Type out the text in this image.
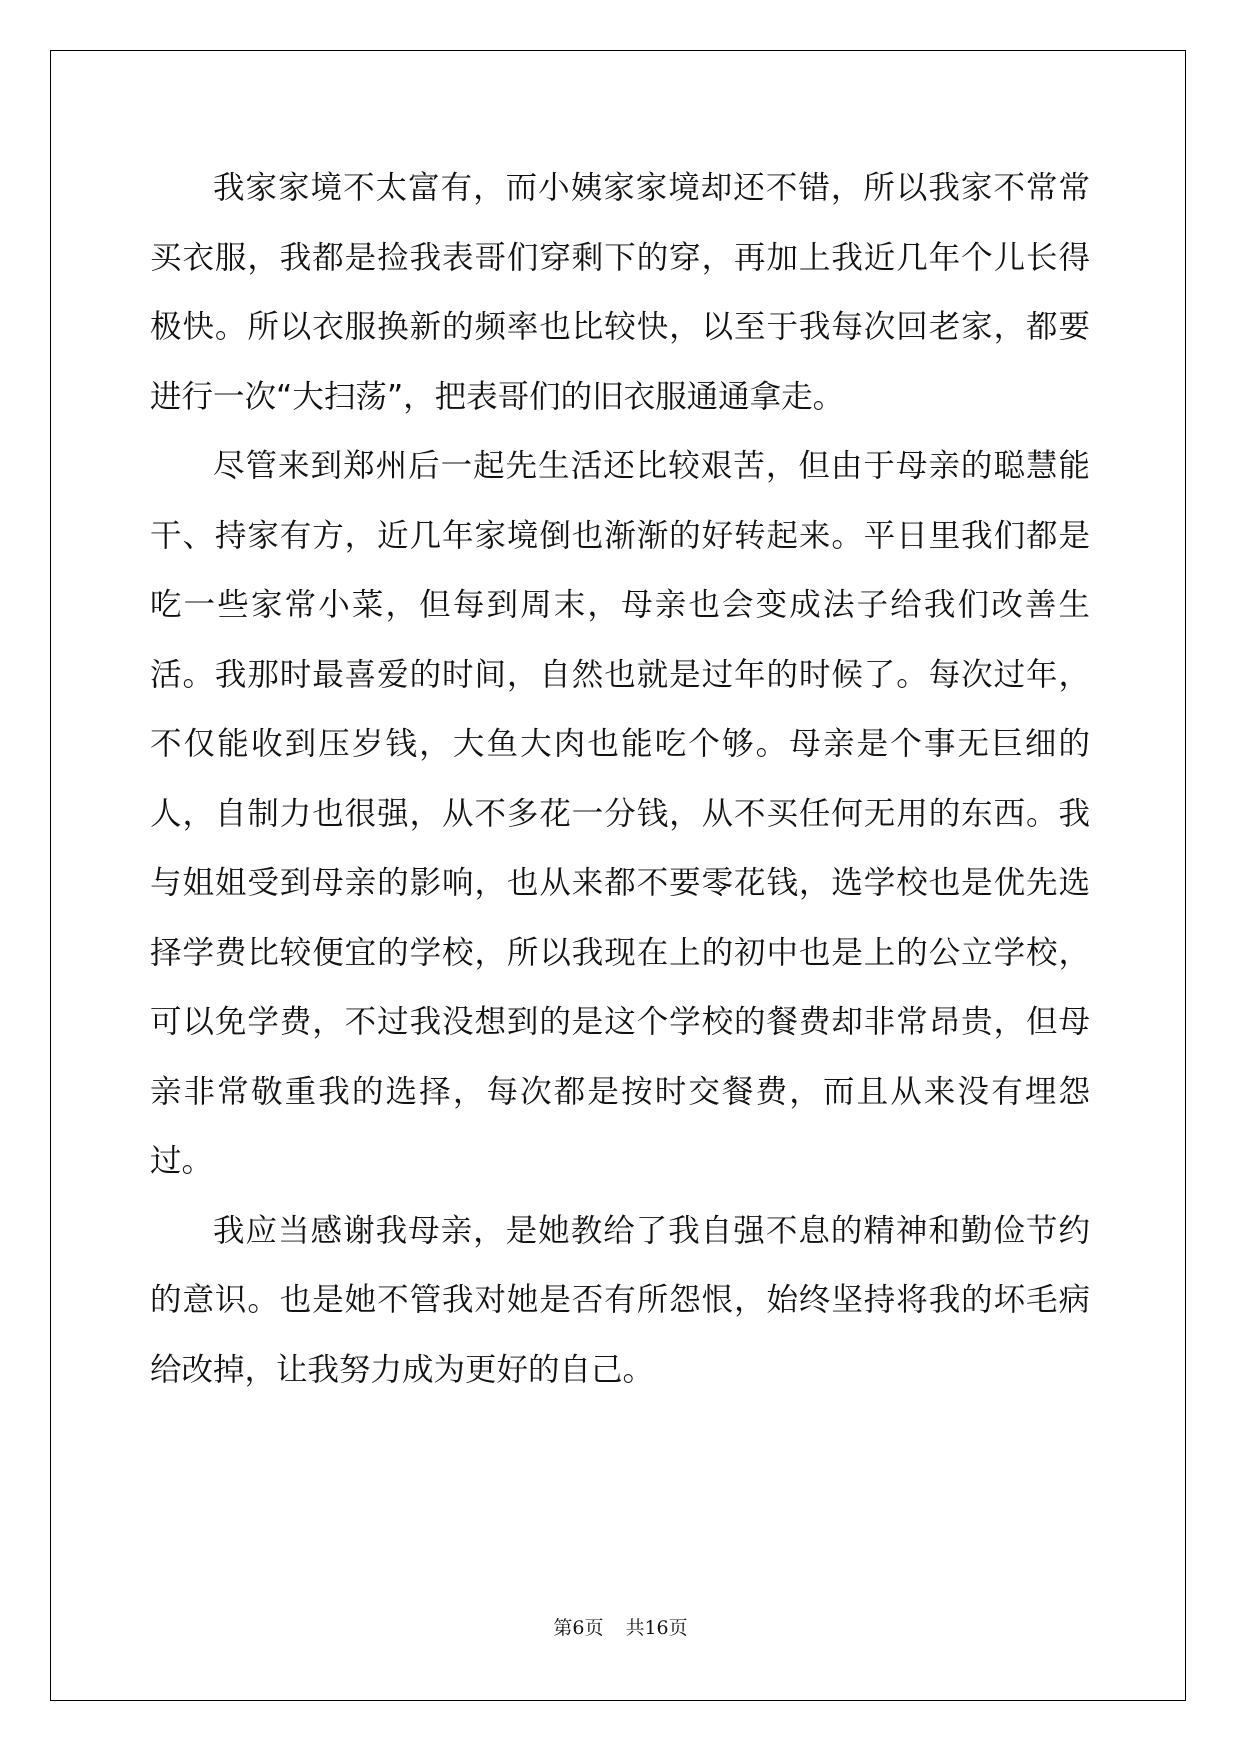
我家家境不太富有，而小姨家家境却还不错，所以我家不常常买衣服，我都是捡我表哥们穿剩下的穿，再加上我近几年个儿长得极快。所以衣服换新的频率也比较快，以至于我每次回老家，都要进行一次“大扫荡”，把表哥们的旧衣服通通拿走。

尽管来到郑州后一起先生活还比较艰苦，但由于母亲的聪慧能干、持家有方，近几年家境倒也渐渐的好转起来。平日里我们都是吃一些家常小菜，但每到周末，母亲也会变成法子给我们改善生活。我那时最喜爱的时间，自然也就是过年的时候了。每次过年，不仅能收到压岁钱，大鱼大肉也能吃个够。母亲是个事无巨细的人，自制力也很强，从不多花一分钱，从不买任何无用的东西。我与姐姐受到母亲的影响，也从来都不要零花钱，选学校也是优先选择学费比较便宜的学校，所以我现在上的初中也是上的公立学校，可以免学费，不过我没想到的是这个学校的餐费却非常昂贵，但母亲非常敬重我的选择，每次都是按时交餐费，而且从来没有埋怨过。

我应当感谢我母亲，是她教给了我自强不息的精神和勤俭节约的意识。也是她不管我对她是否有所怨恨，始终坚持将我的坏毛病给改掉，让我努力成为更好的自己。

第6页 共16页
